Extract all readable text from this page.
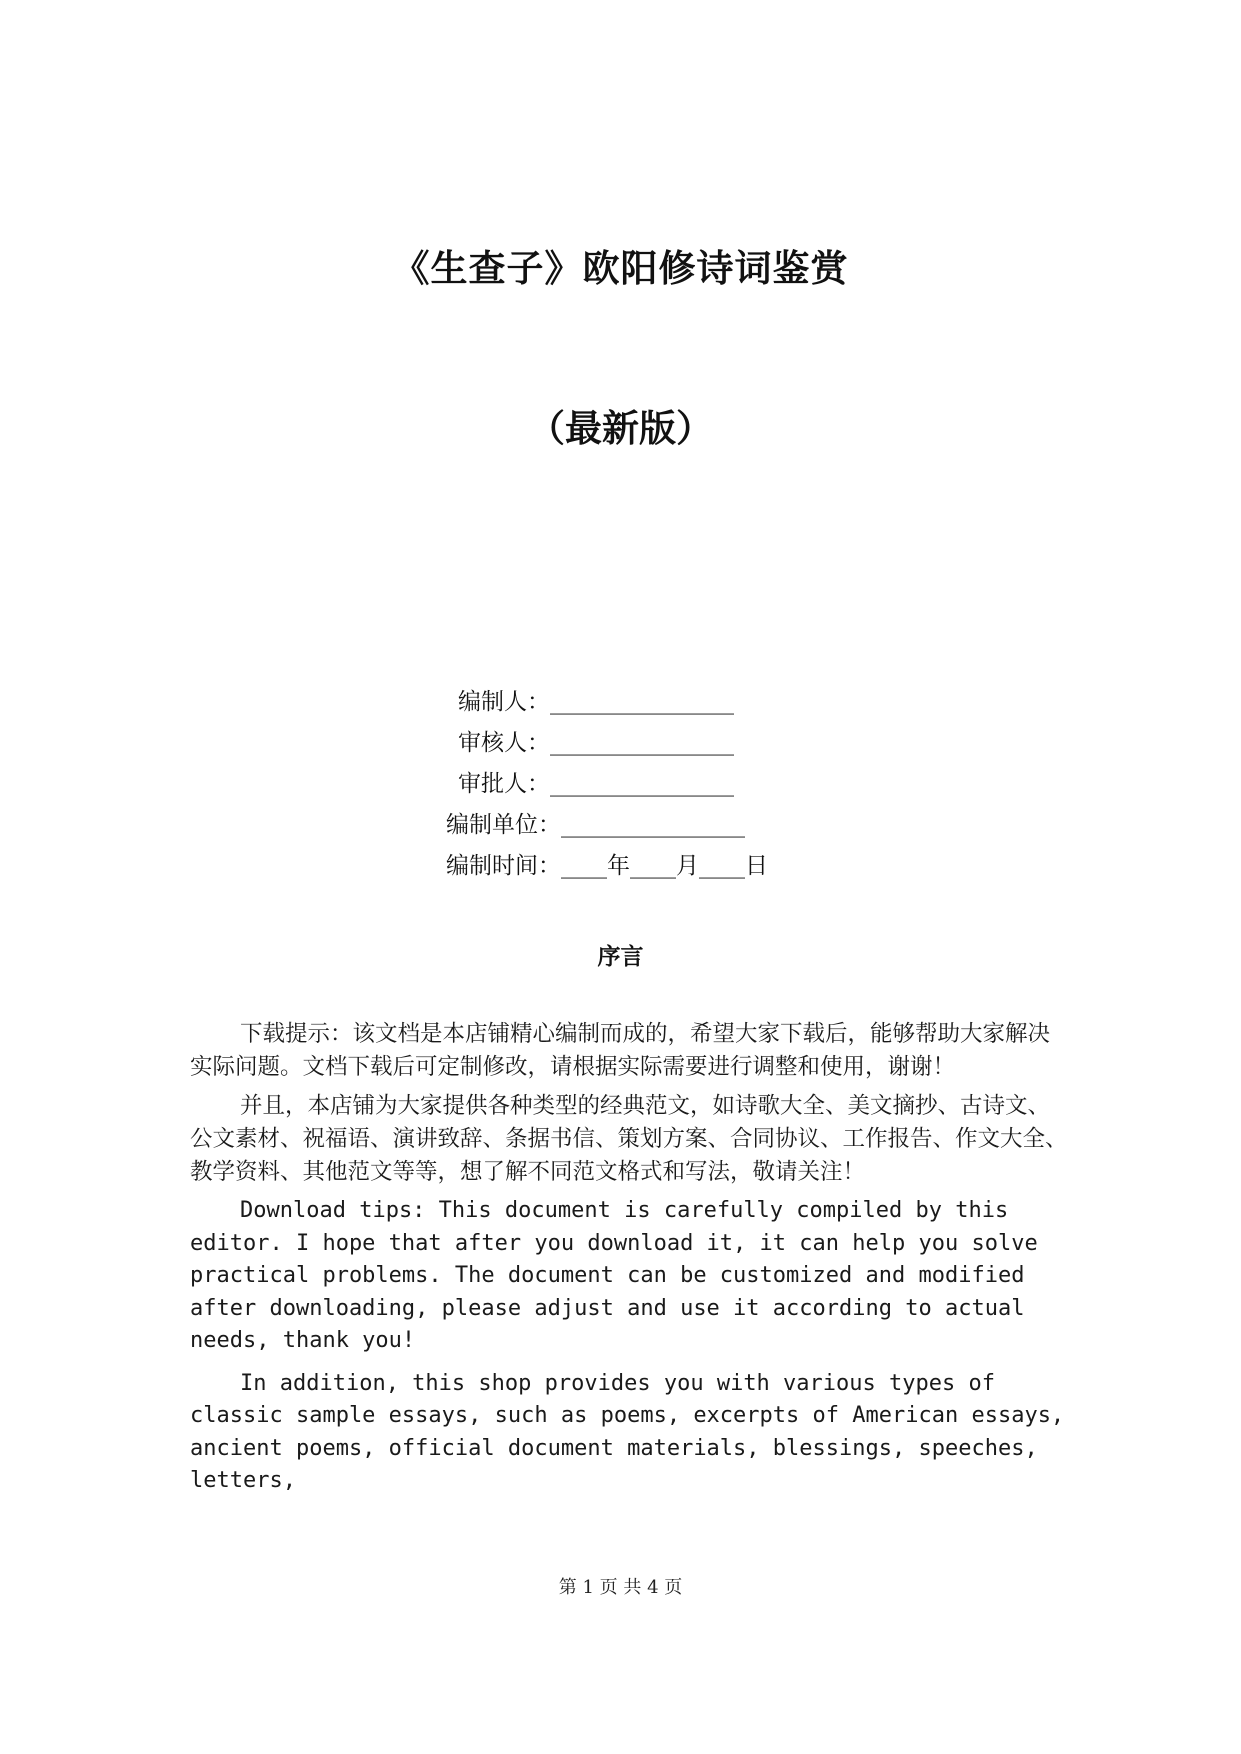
《生查子》欧阳修诗词鉴赏
（最新版）
编制人：________________
审核人：________________
审批人：________________
编制单位：________________
编制时间：____年____月____日
序言

下载提示：该文档是本店铺精心编制而成的，希望大家下载后，能够帮助大家解决实际问题。文档下载后可定制修改，请根据实际需要进行调整和使用，谢谢！

并且，本店铺为大家提供各种类型的经典范文，如诗歌大全、美文摘抄、古诗文、公文素材、祝福语、演讲致辞、条据书信、策划方案、合同协议、工作报告、作文大全、教学资料、其他范文等等，想了解不同范文格式和写法，敬请关注！

Download tips: This document is carefully compiled by this editor. I hope that after you download it, it can help you solve practical problems. The document can be customized and modified after downloading, please adjust and use it according to actual needs, thank you!

In addition, this shop provides you with various types of classic sample essays, such as poems, excerpts of American essays, ancient poems, official document materials, blessings, speeches, letters,

第 1 页 共 4 页
